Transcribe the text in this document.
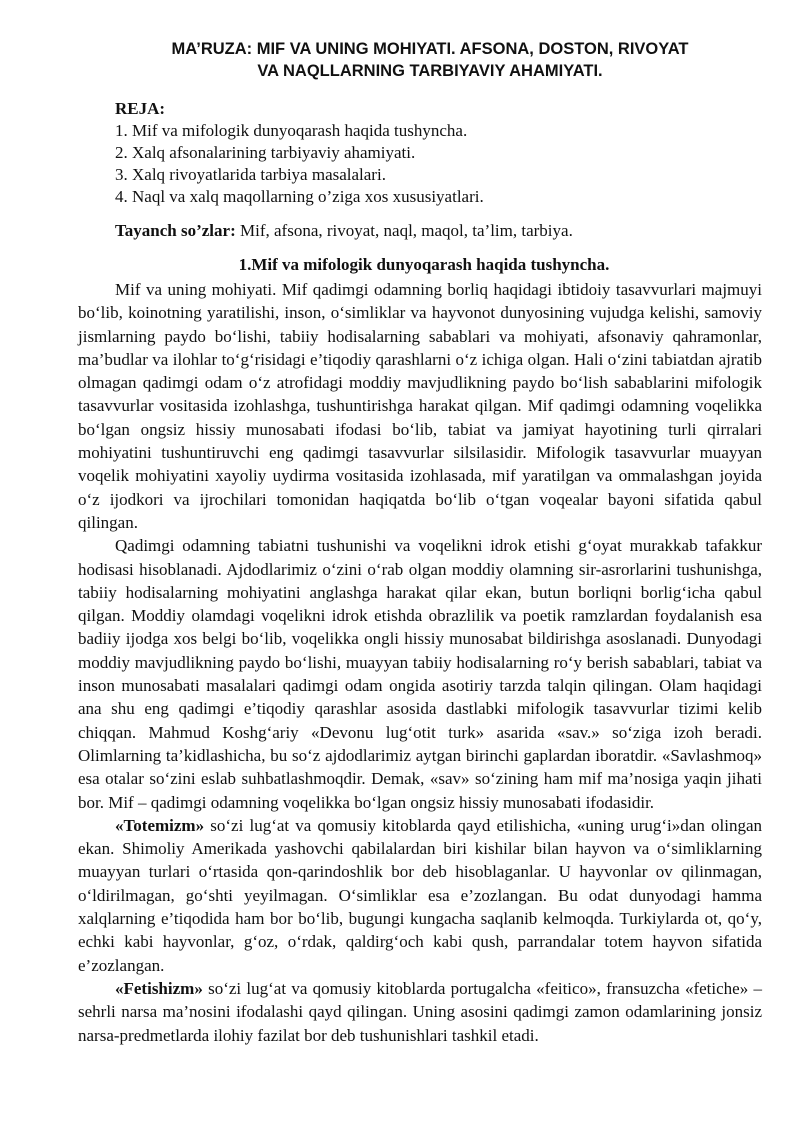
MA’RUZA: MIF VA UNING MOHIYATI. AFSONA, DOSTON, RIVOYAT
VA NAQLLARNING TARBIYAVIY AHAMIYATI.

REJA:

1. Mif va mifologik dunyoqarash haqida tushyncha.

2. Xalq afsonalarining tarbiyaviy ahamiyati.

3. Xalq rivoyatlarida tarbiya masalalari.

4. Naql va xalq maqollarning o’ziga xos xususiyatlari.

Tayanch so’zlar: Mif, afsona, rivoyat, naql, maqol, ta’lim, tarbiya.
1.Mif va mifologik dunyoqarash haqida tushyncha.

Mif va uning mohiyati. Mif qadimgi odamning borliq haqidagi ibtidoiy tasavvurlari majmuyi bo‘lib, koinotning yaratilishi, inson, o‘simliklar va hayvonot dunyosining vujudga kelishi, samoviy jismlarning paydo bo‘lishi, tabiiy hodisalarning sabablari va mohiyati, afsonaviy qahramonlar, ma’budlar va ilohlar to‘g‘risidagi e’tiqodiy qarashlarni o‘z ichiga olgan. Hali o‘zini tabiatdan ajratib olmagan qadimgi odam o‘z atrofidagi moddiy mavjudlikning paydo bo‘lish sabablarini mifologik tasavvurlar vositasida izohlashga, tushuntirishga harakat qilgan. Mif qadimgi odamning voqelikka bo‘lgan ongsiz hissiy munosabati ifodasi bo‘lib, tabiat va jamiyat hayotining turli qirralari mohiyatini tushuntiruvchi eng qadimgi tasavvurlar silsilasidir. Mifologik tasavvurlar muayyan voqelik mohiyatini xayoliy uydirma vositasida izohlasada, mif yaratilgan va ommalashgan joyida o‘z ijodkori va ijrochilari tomonidan haqiqatda bo‘lib o‘tgan voqealar bayoni sifatida qabul qilingan.

Qadimgi odamning tabiatni tushunishi va voqelikni idrok etishi g‘oyat murakkab tafakkur hodisasi hisoblanadi. Ajdodlarimiz o‘zini o‘rab olgan moddiy olamning sir-asrorlarini tushunishga, tabiiy hodisalarning mohiyatini anglashga harakat qilar ekan, butun borliqni borlig‘icha qabul qilgan. Moddiy olamdagi voqelikni idrok etishda obrazlilik va poetik ramzlardan foydalanish esa badiiy ijodga xos belgi bo‘lib, voqelikka ongli hissiy munosabat bildirishga asoslanadi. Dunyodagi moddiy mavjudlikning paydo bo‘lishi, muayyan tabiiy hodisalarning ro‘y berish sabablari, tabiat va inson munosabati masalalari qadimgi odam ongida asotiriy tarzda talqin qilingan. Olam haqidagi ana shu eng qadimgi e’tiqodiy qarashlar asosida dastlabki mifologik tasavvurlar tizimi kelib chiqqan. Mahmud Koshg‘ariy «Devonu lug‘otit turk» asarida «sav.» so‘ziga izoh beradi. Olimlarning ta’kidlashicha, bu so‘z ajdodlarimiz aytgan birinchi gaplardan iboratdir. «Savlashmoq» esa otalar so‘zini eslab suhbatlashmoqdir. Demak, «sav» so‘zining ham mif ma’nosiga yaqin jihati bor. Mif – qadimgi odamning voqelikka bo‘lgan ongsiz hissiy munosabati ifodasidir.

«Totemizm» so‘zi lug‘at va qomusiy kitoblarda qayd etilishicha, «uning urug‘i»dan olingan ekan. Shimoliy Amerikada yashovchi qabilalardan biri kishilar bilan hayvon va o‘simliklarning muayyan turlari o‘rtasida qon-qarindoshlik bor deb hisoblaganlar. U hayvonlar ov qilinmagan, o‘ldirilmagan, go‘shti yeyilmagan. O‘simliklar esa e’zozlangan. Bu odat dunyodagi hamma xalqlarning e’tiqodida ham bor bo‘lib, bugungi kungacha saqlanib kelmoqda. Turkiylarda ot, qo‘y, echki kabi hayvonlar, g‘oz, o‘rdak, qaldirg‘och kabi qush, parrandalar totem hayvon sifatida e’zozlangan.

«Fetishizm» so‘zi lug‘at va qomusiy kitoblarda portugalcha «feitico», fransuzcha «fetiche» – sehrli narsa ma’nosini ifodalashi qayd qilingan. Uning asosini qadimgi zamon odamlarining jonsiz narsa-predmetlarda ilohiy fazilat bor deb tushunishlari tashkil etadi.
